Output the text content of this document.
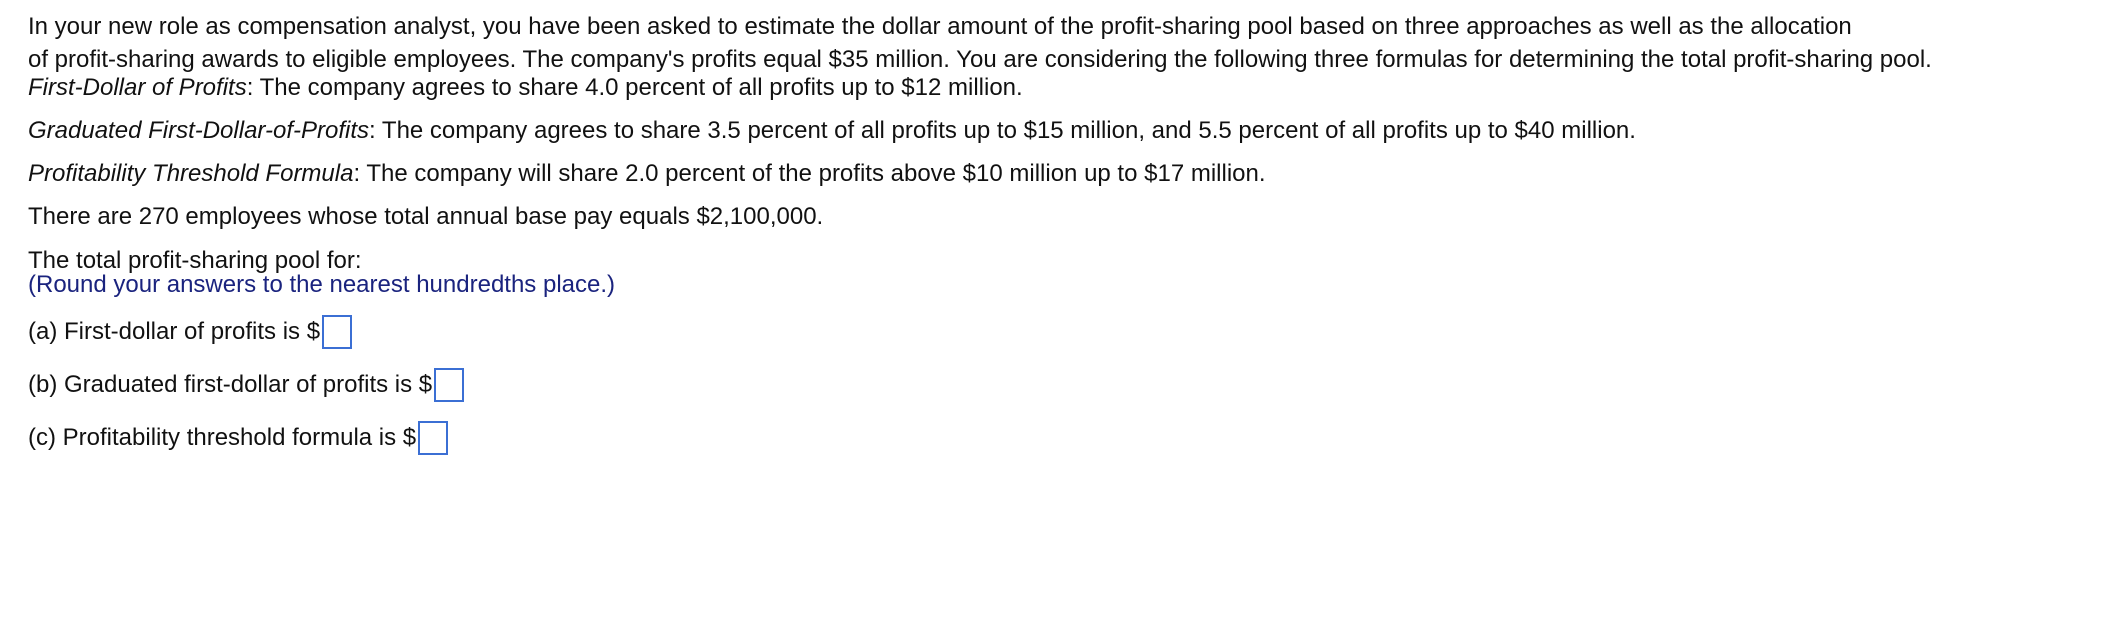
In your new role as compensation analyst, you have been asked to estimate the dollar amount of the profit-sharing pool based on three approaches as well as the allocation
of profit-sharing awards to eligible employees. The company's profits equal $35 million. You are considering the following three formulas for determining the total profit-sharing pool.

First-Dollar of Profits: The company agrees to share 4.0 percent of all profits up to $12 million.

Graduated First-Dollar-of-Profits: The company agrees to share 3.5 percent of all profits up to $15 million, and 5.5 percent of all profits up to $40 million.

Profitability Threshold Formula: The company will share 2.0 percent of the profits above $10 million up to $17 million.

There are 270 employees whose total annual base pay equals $2,100,000.

The total profit-sharing pool for:

(Round your answers to the nearest hundredths place.)

(a) First-dollar of profits is $
(b) Graduated first-dollar of profits is $
(c) Profitability threshold formula is $
